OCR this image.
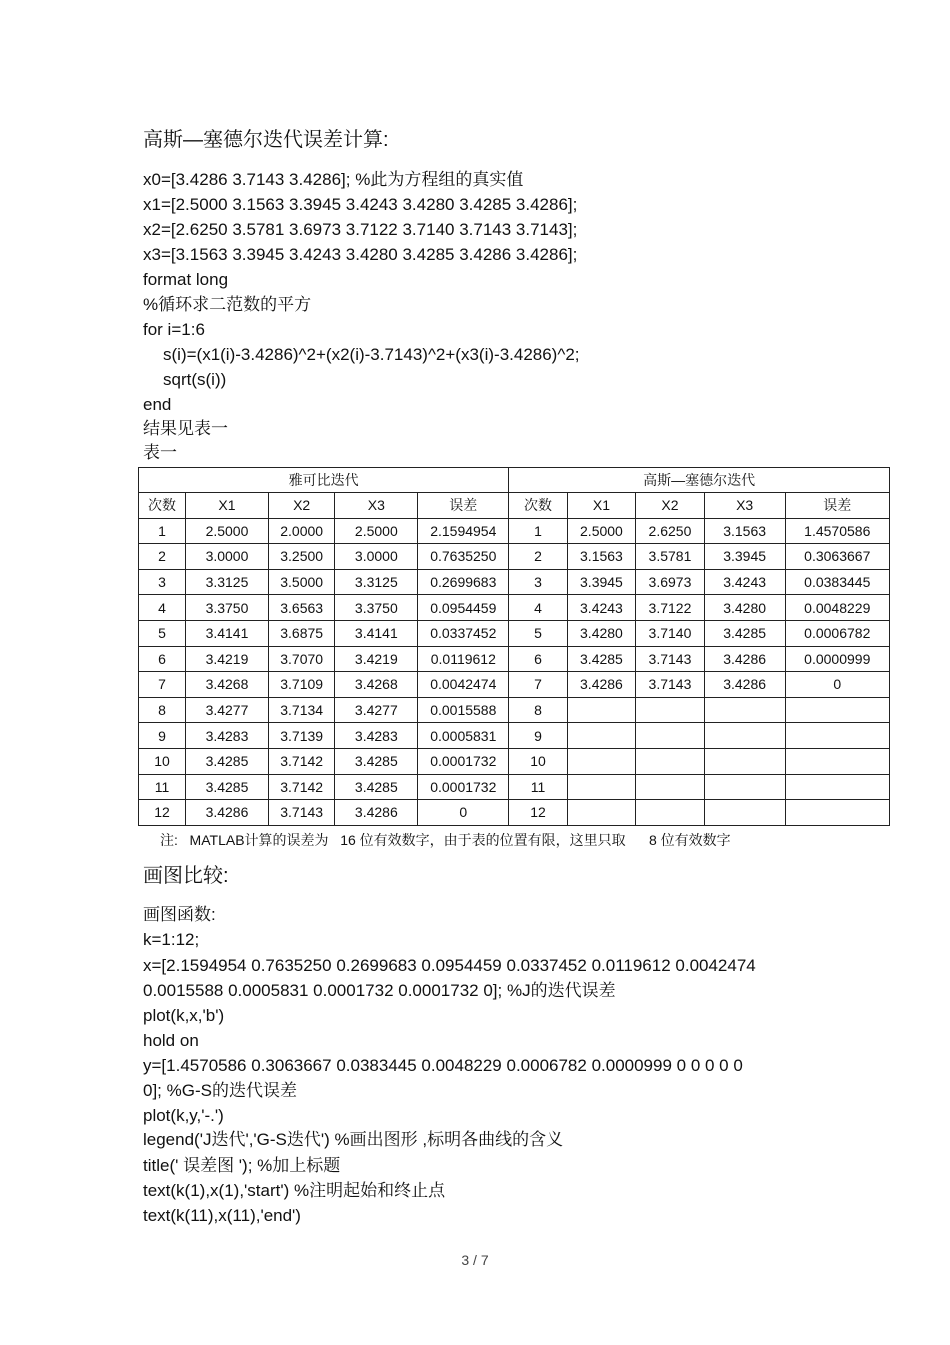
高斯—塞德尔迭代误差计算:
x0=[3.4286 3.7143 3.4286]; %此为方程组的真实值
x1=[2.5000 3.1563 3.3945 3.4243 3.4280 3.4285 3.4286];
x2=[2.6250 3.5781 3.6973 3.7122 3.7140 3.7143 3.7143];
x3=[3.1563 3.3945 3.4243 3.4280 3.4285 3.4286 3.4286];
format long
%循环求二范数的平方
for i=1:6
s(i)=(x1(i)-3.4286)^2+(x2(i)-3.7143)^2+(x3(i)-3.4286)^2;
sqrt(s(i))
end
结果见表一
表一
雅可比迭代					高斯—塞德尔迭代				
次数	X1	X2	X3	误差	次数	X1	X2	X3	误差
1	2.5000	2.0000	2.5000	2.1594954	1	2.5000	2.6250	3.1563	1.4570586
2	3.0000	3.2500	3.0000	0.7635250	2	3.1563	3.5781	3.3945	0.3063667
3	3.3125	3.5000	3.3125	0.2699683	3	3.3945	3.6973	3.4243	0.0383445
4	3.3750	3.6563	3.3750	0.0954459	4	3.4243	3.7122	3.4280	0.0048229
5	3.4141	3.6875	3.4141	0.0337452	5	3.4280	3.7140	3.4285	0.0006782
6	3.4219	3.7070	3.4219	0.0119612	6	3.4285	3.7143	3.4286	0.0000999
7	3.4268	3.7109	3.4268	0.0042474	7	3.4286	3.7143	3.4286	0
8	3.4277	3.7134	3.4277	0.0015588	8				
9	3.4283	3.7139	3.4283	0.0005831	9				
10	3.4285	3.7142	3.4285	0.0001732	10				
11	3.4285	3.7142	3.4285	0.0001732	11				
12	3.4286	3.7143	3.4286	0	12				
注:   MATLAB计算的误差为   16 位有效数字，由于表的位置有限，这里只取      8 位有效数字
画图比较:
画图函数:
k=1:12;
x=[2.1594954 0.7635250 0.2699683 0.0954459 0.0337452 0.0119612 0.0042474
0.0015588 0.0005831 0.0001732 0.0001732 0]; %J的迭代误差
plot(k,x,'b')
hold on
y=[1.4570586 0.3063667 0.0383445 0.0048229 0.0006782 0.0000999 0 0 0 0 0
0]; %G-S的迭代误差
plot(k,y,'-.')
legend('J迭代','G-S迭代') %画出图形 ,标明各曲线的含义
title(' 误差图 '); %加上标题
text(k(1),x(1),'start') %注明起始和终止点
text(k(11),x(11),'end')
3 / 7
